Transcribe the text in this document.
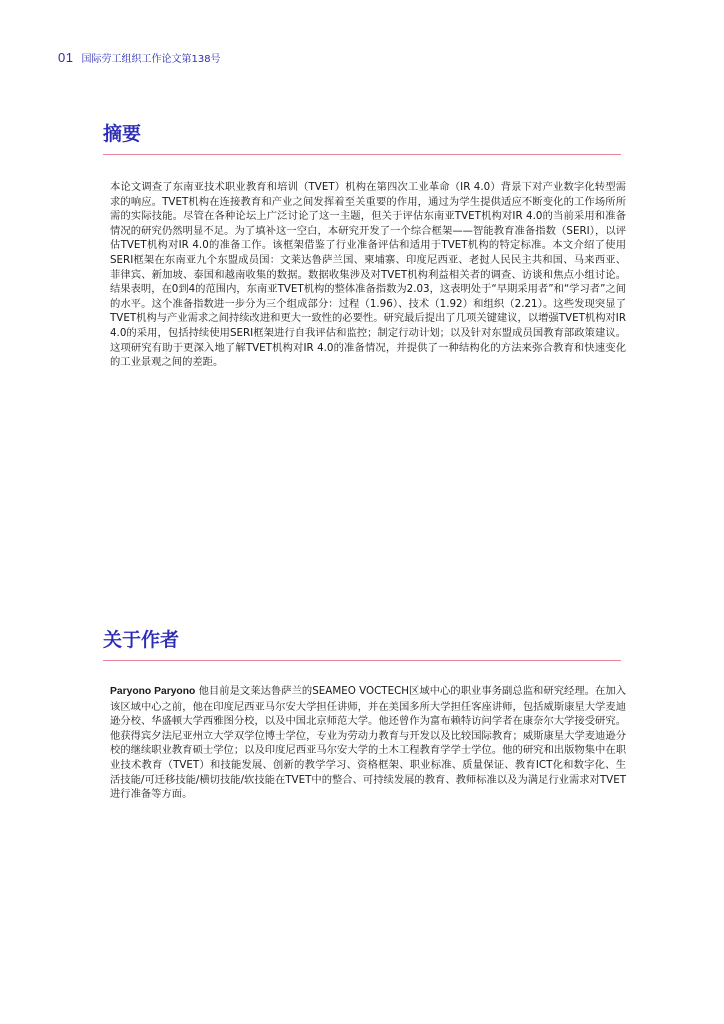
01 国际劳工组织工作论文第138号
摘要

本论文调查了东南亚技术职业教育和培训（TVET）机构在第四次工业革命（IR 4.0）背景下对产业数字化转型需求的响应。TVET机构在连接教育和产业之间发挥着至关重要的作用，通过为学生提供适应不断变化的工作场所所需的实际技能。尽管在各种论坛上广泛讨论了这一主题，但关于评估东南亚TVET机构对IR 4.0的当前采用和准备情况的研究仍然明显不足。为了填补这一空白，本研究开发了一个综合框架——智能教育准备指数（SERI），以评估TVET机构对IR 4.0的准备工作。该框架借鉴了行业准备评估和适用于TVET机构的特定标准。本文介绍了使用SERI框架在东南亚九个东盟成员国：文莱达鲁萨兰国、柬埔寨、印度尼西亚、老挝人民民主共和国、马来西亚、菲律宾、新加坡、泰国和越南收集的数据。数据收集涉及对TVET机构利益相关者的调查、访谈和焦点小组讨论。结果表明，在0到4的范围内，东南亚TVET机构的整体准备指数为2.03，这表明处于“早期采用者”和“学习者”之间的水平。这个准备指数进一步分为三个组成部分：过程（1.96）、技术（1.92）和组织（2.21）。这些发现突显了TVET机构与产业需求之间持续改进和更大一致性的必要性。研究最后提出了几项关键建议，以增强TVET机构对IR 4.0的采用，包括持续使用SERI框架进行自我评估和监控；制定行动计划；以及针对东盟成员国教育部政策建议。这项研究有助于更深入地了解TVET机构对IR 4.0的准备情况，并提供了一种结构化的方法来弥合教育和快速变化的工业景观之间的差距。

关于作者

Paryono Paryono 他目前是文莱达鲁萨兰的SEAMEO VOCTECH区域中心的职业事务副总监和研究经理。在加入该区域中心之前，他在印度尼西亚马尔安大学担任讲师，并在美国多所大学担任客座讲师，包括威斯康星大学麦迪逊分校、华盛顿大学西雅图分校，以及中国北京师范大学。他还曾作为富布赖特访问学者在康奈尔大学接受研究。他获得宾夕法尼亚州立大学双学位博士学位，专业为劳动力教育与开发以及比较国际教育；威斯康星大学麦迪逊分校的继续职业教育硕士学位；以及印度尼西亚马尔安大学的土木工程教育学学士学位。他的研究和出版物集中在职业技术教育（TVET）和技能发展、创新的教学学习、资格框架、职业标准、质量保证、教育ICT化和数字化、生活技能/可迁移技能/横切技能/软技能在TVET中的整合、可持续发展的教育、教师标准以及为满足行业需求对TVET进行准备等方面。
